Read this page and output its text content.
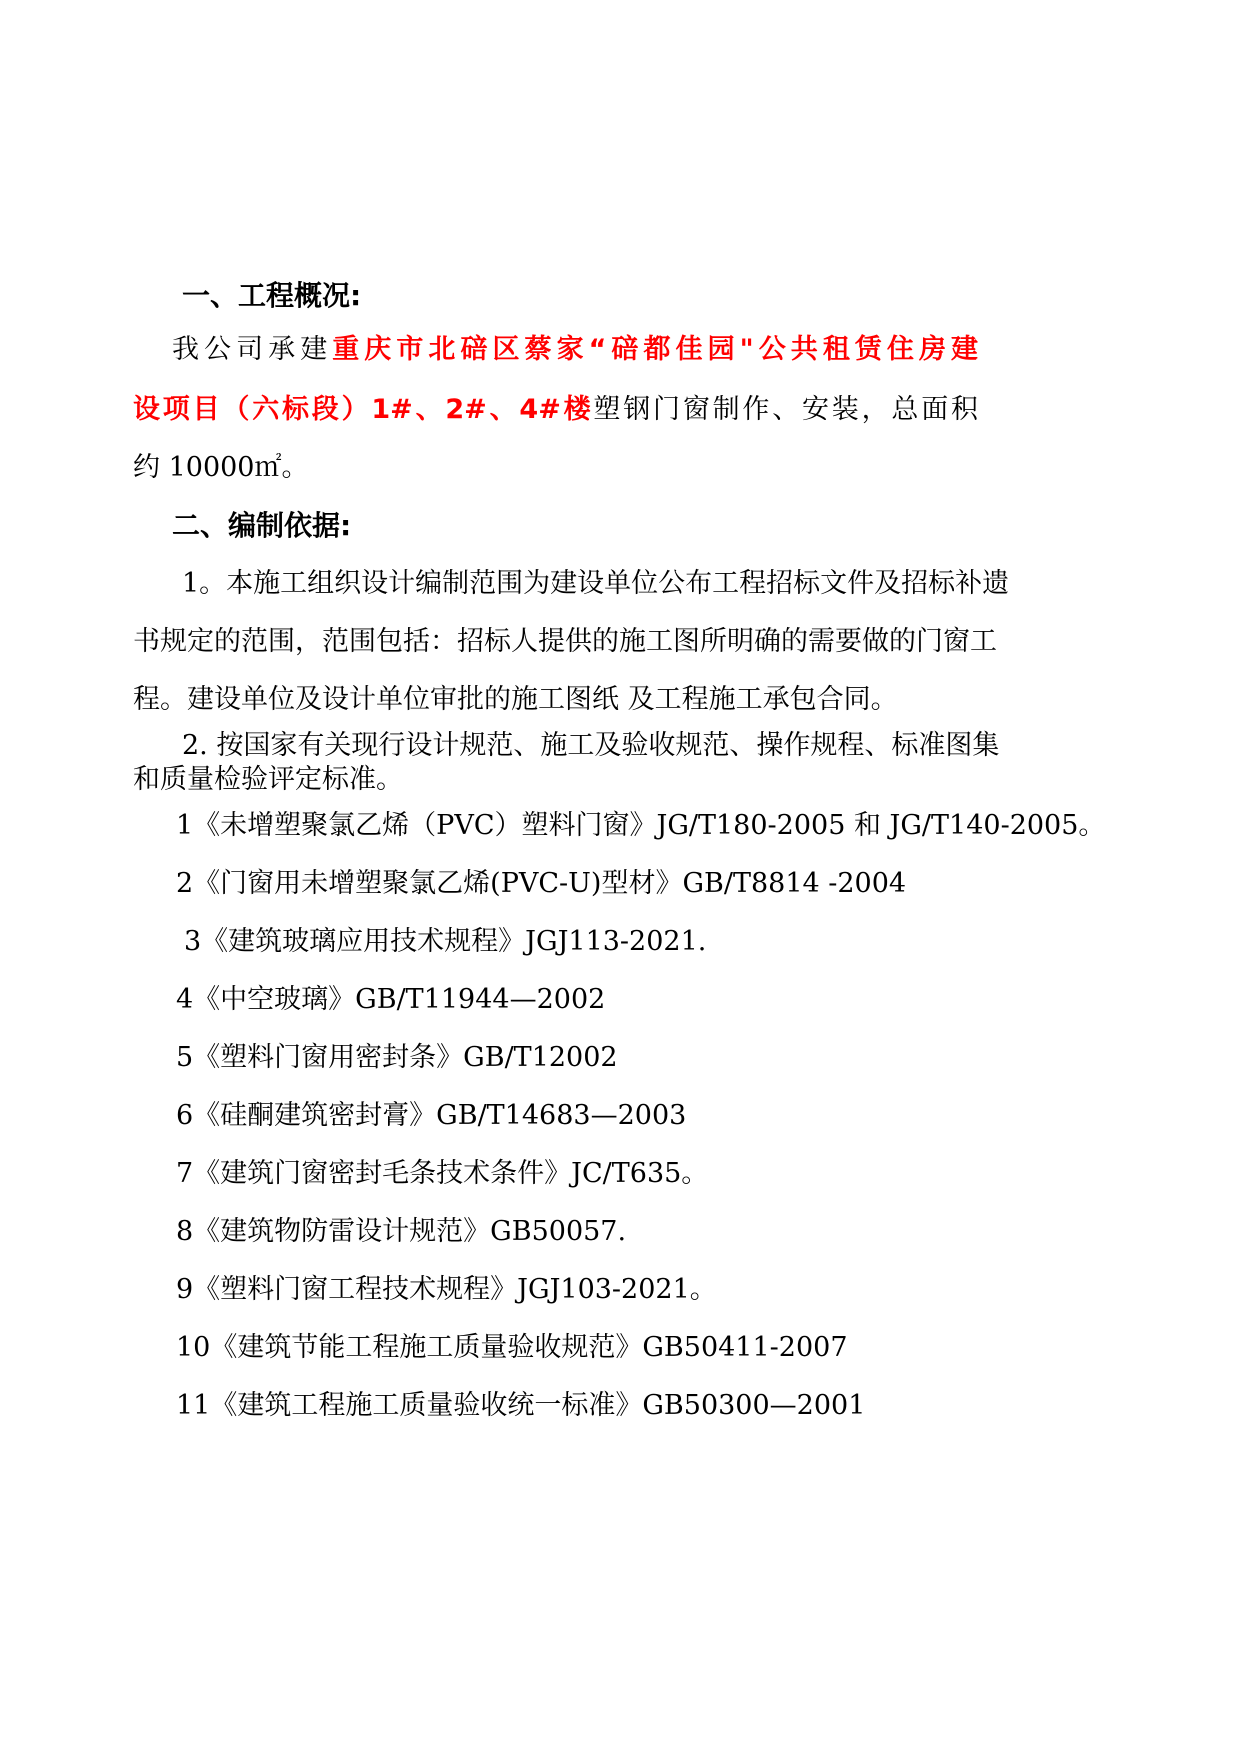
一、工程概况:
我公司承建重庆市北碚区蔡家“碚都佳园"公共租赁住房建
设项目（六标段）1#、2#、4#楼塑钢门窗制作、安装，总面积
约 10000㎡。
二、编制依据:
1。本施工组织设计编制范围为建设单位公布工程招标文件及招标补遗
书规定的范围，范围包括：招标人提供的施工图所明确的需要做的门窗工
程。建设单位及设计单位审批的施工图纸 及工程施工承包合同。
2. 按国家有关现行设计规范、施工及验收规范、操作规程、标准图集
和质量检验评定标准。
1《未增塑聚氯乙烯（PVC）塑料门窗》JG/T180-2005 和 JG/T140-2005。
2《门窗用未增塑聚氯乙烯(PVC-U)型材》GB/T8814 -2004
3《建筑玻璃应用技术规程》JGJ113-2021.
4《中空玻璃》GB/T11944—2002
5《塑料门窗用密封条》GB/T12002
6《硅酮建筑密封膏》GB/T14683—2003
7《建筑门窗密封毛条技术条件》JC/T635。
8《建筑物防雷设计规范》GB50057.
9《塑料门窗工程技术规程》JGJ103-2021。
10《建筑节能工程施工质量验收规范》GB50411-2007
11《建筑工程施工质量验收统一标准》GB50300—2001
